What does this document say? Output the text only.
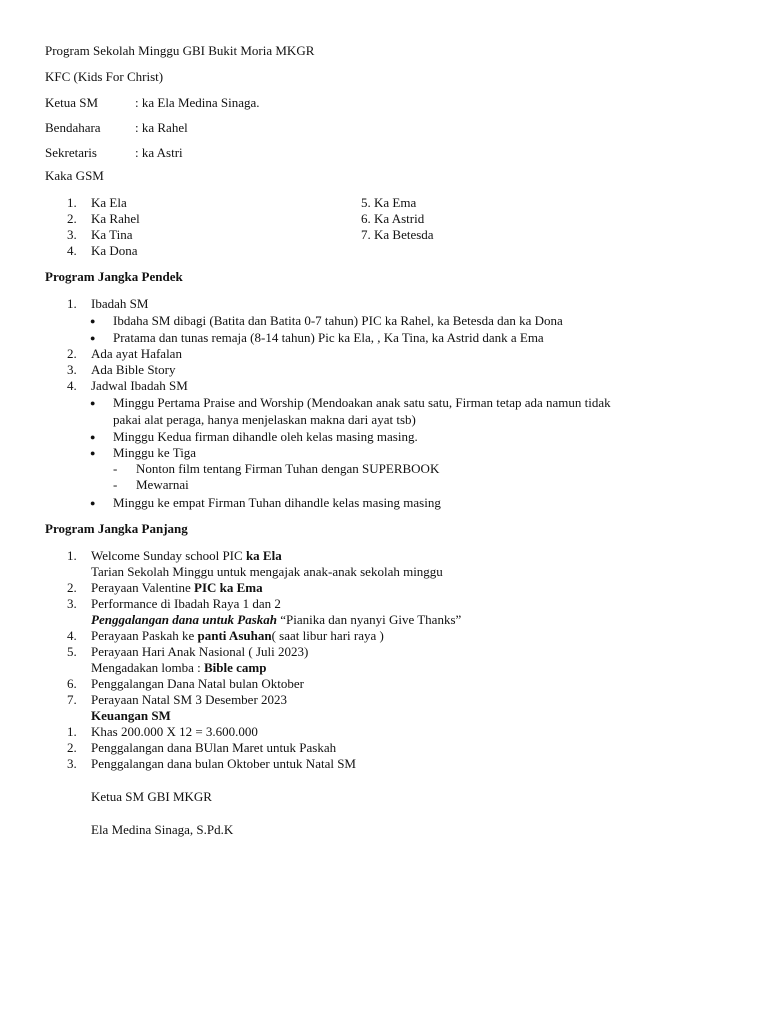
Program Sekolah Minggu GBI Bukit Moria MKGR
KFC (Kids For Christ)
Ketua SM	: ka Ela Medina Sinaga.
Bendahara	: ka Rahel
Sekretaris	: ka Astri
Kaka GSM
1. Ka Ela	5. Ka Ema
2. Ka Rahel	6. Ka Astrid
3. Ka Tina	7. Ka Betesda
4. Ka Dona
Program Jangka Pendek
1. Ibadah SM
● Ibdaha SM dibagi (Batita dan Batita 0-7 tahun) PIC ka Rahel, ka Betesda dan ka Dona
● Pratama dan tunas remaja (8-14 tahun) Pic ka Ela, , Ka Tina, ka Astrid dank a Ema
2. Ada ayat Hafalan
3. Ada Bible Story
4. Jadwal Ibadah SM
● Minggu Pertama Praise and Worship (Mendoakan anak satu satu, Firman tetap ada namun tidak
pakai alat peraga, hanya menjelaskan makna dari ayat tsb)
● Minggu Kedua firman dihandle oleh kelas masing masing.
● Minggu ke Tiga
- Nonton film tentang Firman Tuhan dengan SUPERBOOK
- Mewarnai
● Minggu ke empat Firman Tuhan dihandle kelas masing masing
Program Jangka Panjang
1. Welcome Sunday school PIC ka Ela
Tarian Sekolah Minggu untuk mengajak anak-anak sekolah minggu
2. Perayaan Valentine PIC ka Ema
3. Performance di Ibadah Raya 1 dan 2
Penggalangan dana untuk Paskah “Pianika dan nyanyi Give Thanks”
4. Perayaan Paskah ke panti Asuhan( saat libur hari raya )
5. Perayaan Hari Anak Nasional ( Juli 2023)
Mengadakan lomba : Bible camp
6. Penggalangan Dana Natal bulan Oktober
7. Perayaan Natal SM 3 Desember 2023
Keuangan SM
1. Khas 200.000 X 12 = 3.600.000
2. Penggalangan dana BUlan Maret untuk Paskah
3. Penggalangan dana bulan Oktober untuk Natal SM
Ketua SM GBI MKGR
Ela Medina Sinaga, S.Pd.K
